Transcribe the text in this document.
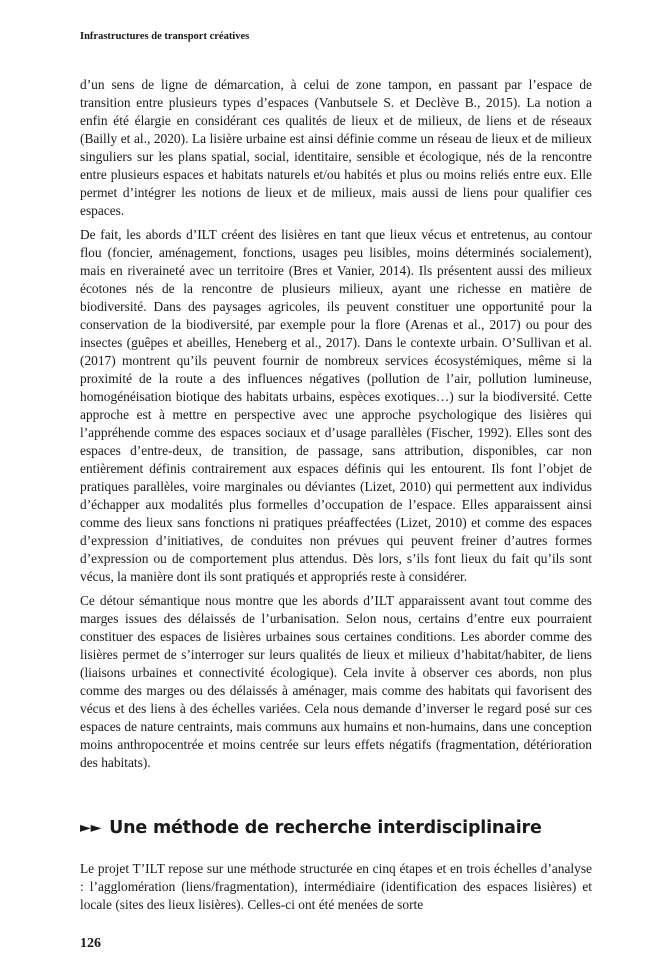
Infrastructures de transport créatives

d’un sens de ligne de démarcation, à celui de zone tampon, en passant par l’espace de transition entre plusieurs types d’espaces (Vanbutsele S. et Declève B., 2015). La notion a enfin été élargie en considérant ces qualités de lieux et de milieux, de liens et de réseaux (Bailly et al., 2020). La lisière urbaine est ainsi définie comme un réseau de lieux et de milieux singuliers sur les plans spatial, social, identitaire, sensible et écologique, nés de la rencontre entre plusieurs espaces et habitats naturels et/ou habités et plus ou moins reliés entre eux. Elle permet d’intégrer les notions de lieux et de milieux, mais aussi de liens pour qualifier ces espaces.

De fait, les abords d’ILT créent des lisières en tant que lieux vécus et entretenus, au contour flou (foncier, aménagement, fonctions, usages peu lisibles, moins déterminés socialement), mais en riveraineté avec un territoire (Bres et Vanier, 2014). Ils présentent aussi des milieux écotones nés de la rencontre de plusieurs milieux, ayant une richesse en matière de biodiversité. Dans des paysages agricoles, ils peuvent constituer une opportunité pour la conservation de la biodiversité, par exemple pour la flore (Arenas et al., 2017) ou pour des insectes (guêpes et abeilles, Heneberg et al., 2017). Dans le contexte urbain. O’Sullivan et al. (2017) montrent qu’ils peuvent fournir de nombreux services écosystémiques, même si la proximité de la route a des influences négatives (pollution de l’air, pollution lumineuse, homogénéisation biotique des habitats urbains, espèces exotiques…) sur la biodiversité. Cette approche est à mettre en perspective avec une approche psychologique des lisières qui l’appréhende comme des espaces sociaux et d’usage parallèles (Fischer, 1992). Elles sont des espaces d’entre-deux, de transition, de passage, sans attribution, disponibles, car non entièrement définis contrairement aux espaces définis qui les entourent. Ils font l’objet de pratiques parallèles, voire marginales ou déviantes (Lizet, 2010) qui permettent aux individus d’échapper aux modalités plus formelles d’occupation de l’espace. Elles apparaissent ainsi comme des lieux sans fonctions ni pratiques préaffectées (Lizet, 2010) et comme des espaces d’expression d’initiatives, de conduites non prévues qui peuvent freiner d’autres formes d’expression ou de comportement plus attendus. Dès lors, s’ils font lieux du fait qu’ils sont vécus, la manière dont ils sont pratiqués et appropriés reste à considérer.

Ce détour sémantique nous montre que les abords d’ILT apparaissent avant tout comme des marges issues des délaissés de l’urbanisation. Selon nous, certains d’entre eux pourraient constituer des espaces de lisières urbaines sous certaines conditions. Les aborder comme des lisières permet de s’interroger sur leurs qualités de lieux et milieux d’habitat/habiter, de liens (liaisons urbaines et connectivité écologique). Cela invite à observer ces abords, non plus comme des marges ou des délaissés à aménager, mais comme des habitats qui favorisent des vécus et des liens à des échelles variées. Cela nous demande d’inverser le regard posé sur ces espaces de nature centraints, mais communs aux humains et non-humains, dans une conception moins anthropocentrée et moins centrée sur leurs effets négatifs (fragmentation, détérioration des habitats).

►► Une méthode de recherche interdisciplinaire

Le projet T’ILT repose sur une méthode structurée en cinq étapes et en trois échelles d’analyse : l’agglomération (liens/fragmentation), intermédiaire (identification des espaces lisières) et locale (sites des lieux lisières). Celles-ci ont été menées de sorte

126
